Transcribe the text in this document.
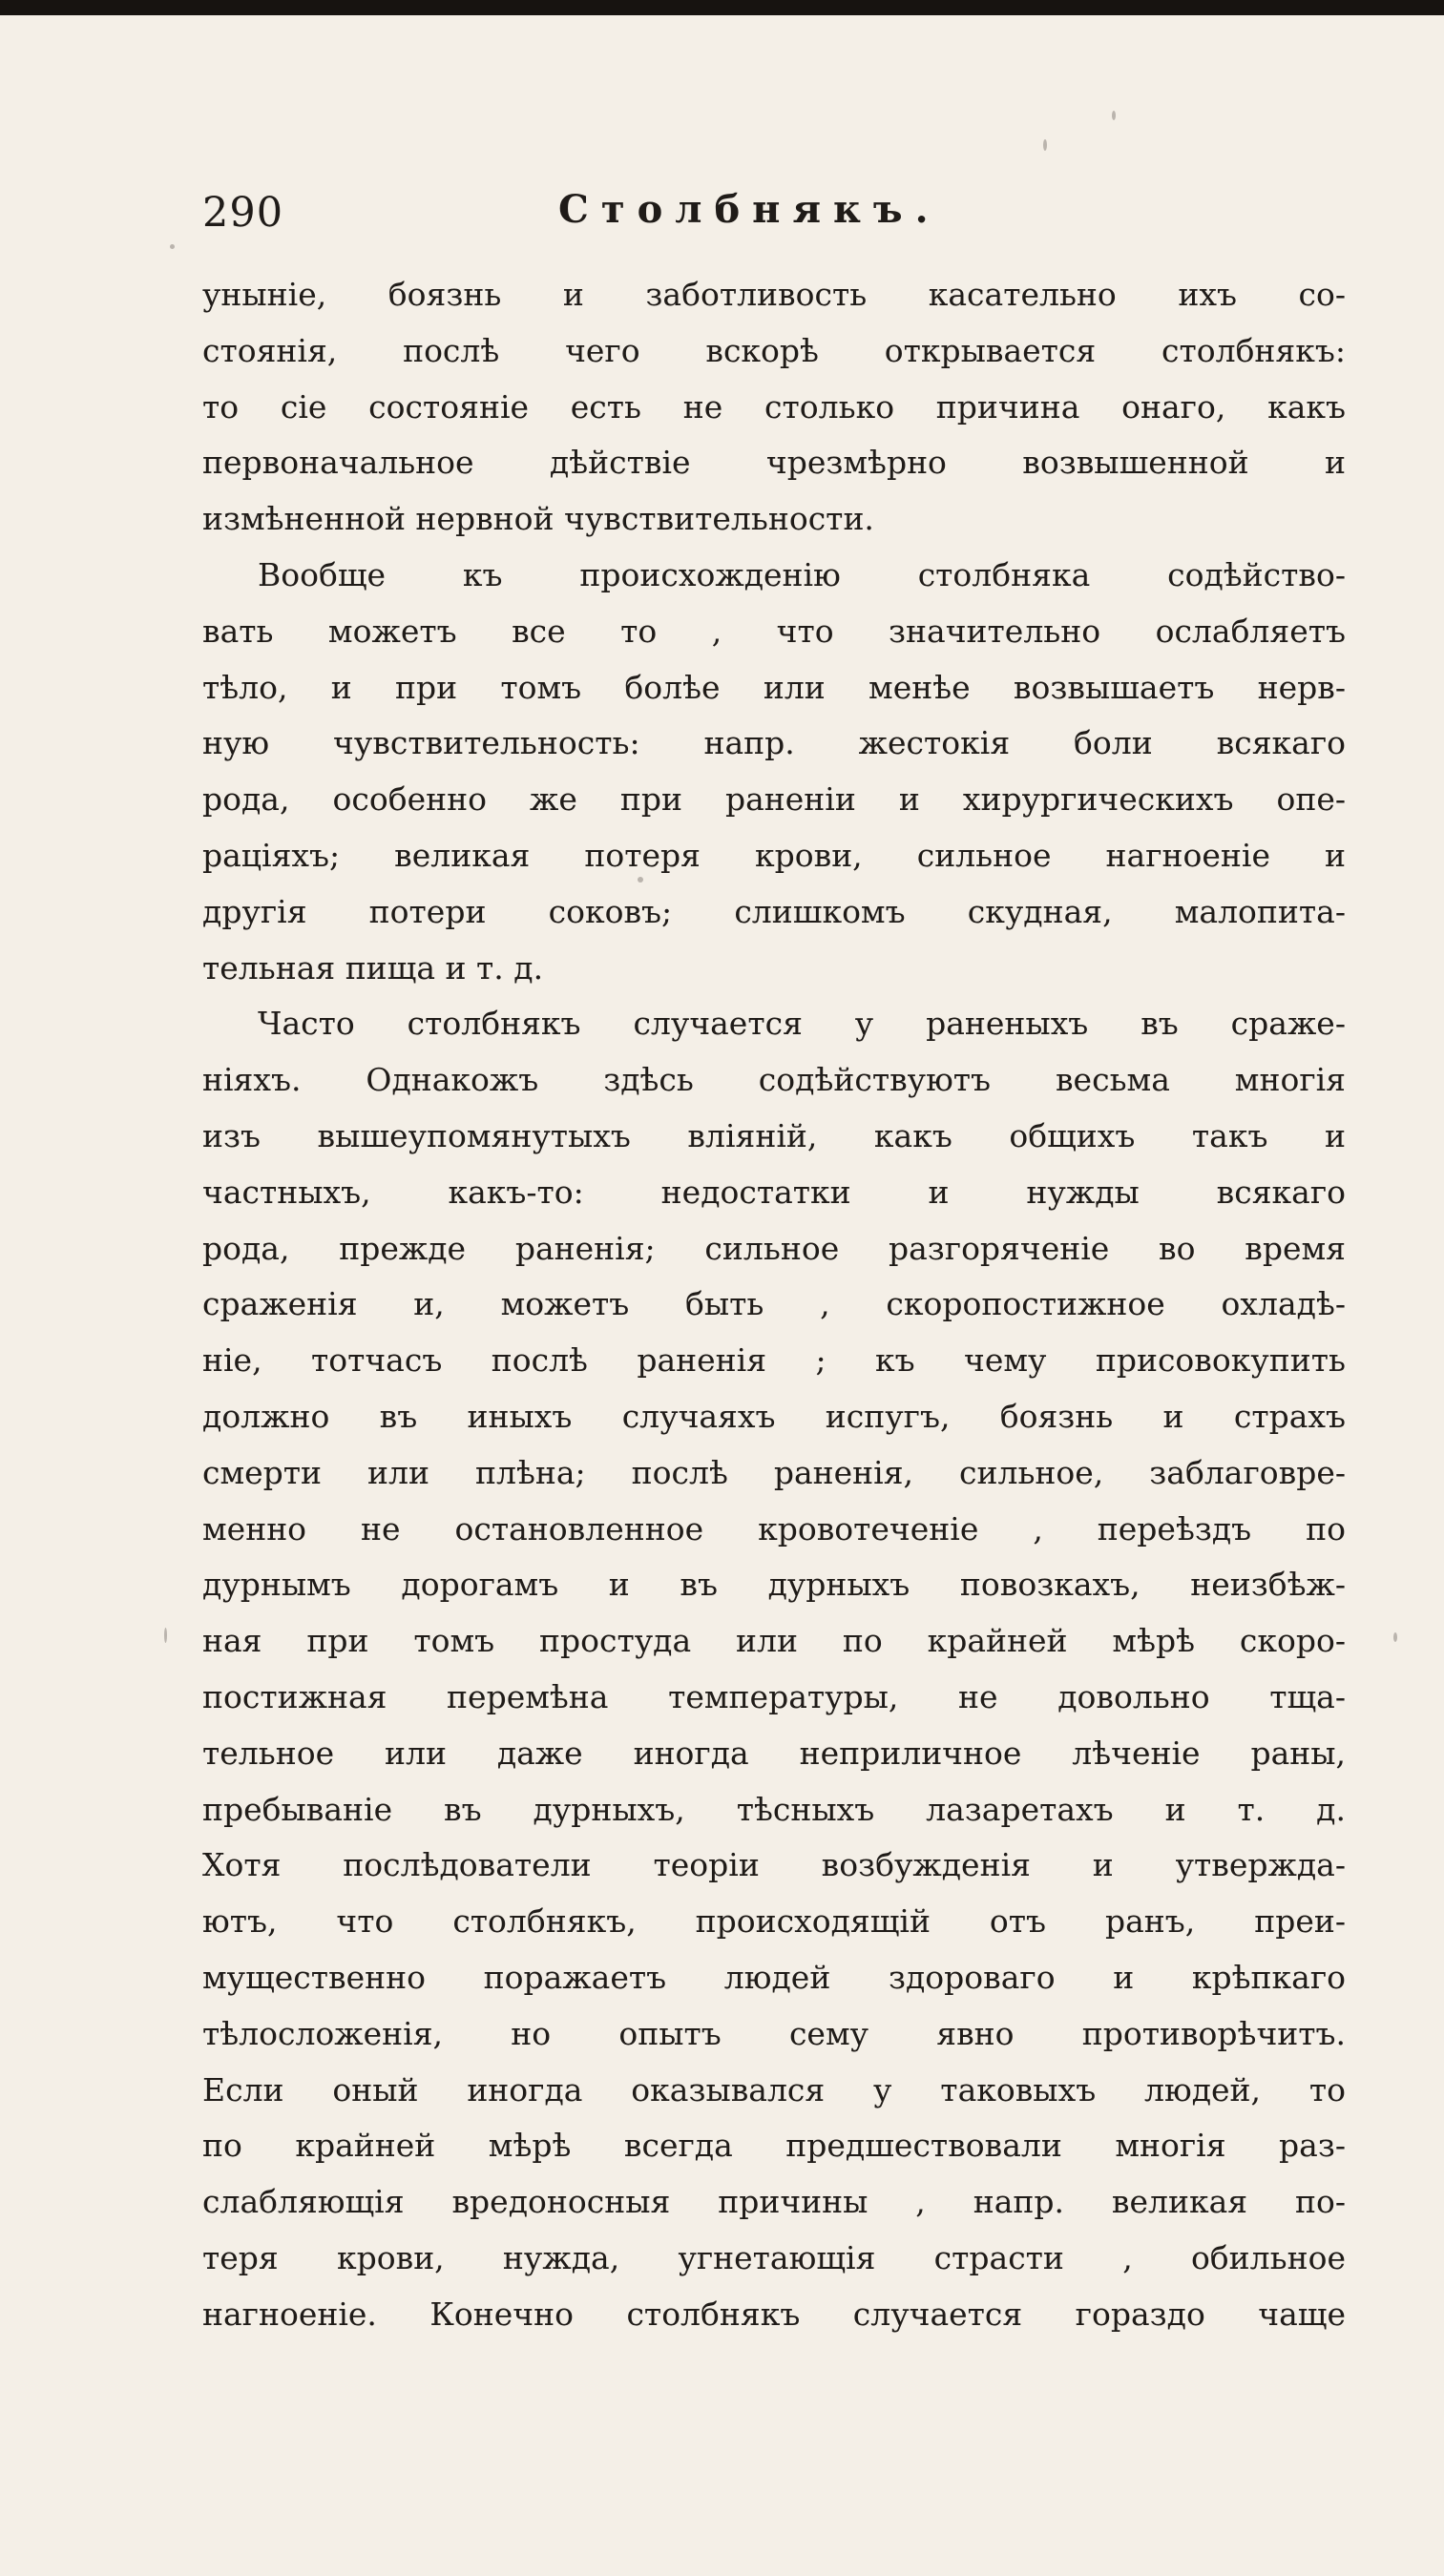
290	Столбнякъ.
уныніе, боязнь и заботливость касательно ихъ со-
стоянія, послѣ чего вскорѣ открывается столбнякъ:
то сіе состояніе есть не столько причина онаго, какъ
первоначальное дѣйствіе чрезмѣрно возвышенной и
измѣненной нервной чувствительности.
Вообще къ происхожденію столбняка содѣйство-
вать можетъ все то , что значительно ослабляетъ
тѣло, и при томъ болѣе или менѣе возвышаетъ нерв-
ную чувствительность: напр. жестокія боли всякаго
рода, особенно же при раненіи и хирургическихъ опе-
раціяхъ; великая потеря крови, сильное нагноеніе и
другія потери соковъ; слишкомъ скудная, малопита-
тельная пища и т. д.
Часто столбнякъ случается у раненыхъ въ сраже-
ніяхъ. Однакожъ здѣсь содѣйствуютъ весьма многія
изъ вышеупомянутыхъ вліяній, какъ общихъ такъ и
частныхъ, какъ-то: недостатки и нужды всякаго
рода, прежде раненія; сильное разгоряченіе во время
сраженія и, можетъ быть , скоропостижное охладѣ-
ніе, тотчасъ послѣ раненія ; къ чему присовокупить
должно въ иныхъ случаяхъ испугъ, боязнь и страхъ
смерти или плѣна; послѣ раненія, сильное, заблаговре-
менно не остановленное кровотеченіе , переѣздъ по
дурнымъ дорогамъ и въ дурныхъ повозкахъ, неизбѣж-
ная при томъ простуда или по крайней мѣрѣ скоро-
постижная перемѣна температуры, не довольно тща-
тельное или даже иногда неприличное лѣченіе раны,
пребываніе въ дурныхъ, тѣсныхъ лазаретахъ и т. д.
Хотя послѣдователи теоріи возбужденія и утвержда-
ютъ, что столбнякъ, происходящій отъ ранъ, преи-
мущественно поражаетъ людей здороваго и крѣпкаго
тѣлосложенія, но опытъ сему явно противорѣчитъ.
Если оный иногда оказывался у таковыхъ людей, то
по крайней мѣрѣ всегда предшествовали многія раз-
слабляющія вредоносныя причины , напр. великая по-
теря крови, нужда, угнетающія страсти , обильное
нагноеніе. Конечно столбнякъ случается гораздо чаще
